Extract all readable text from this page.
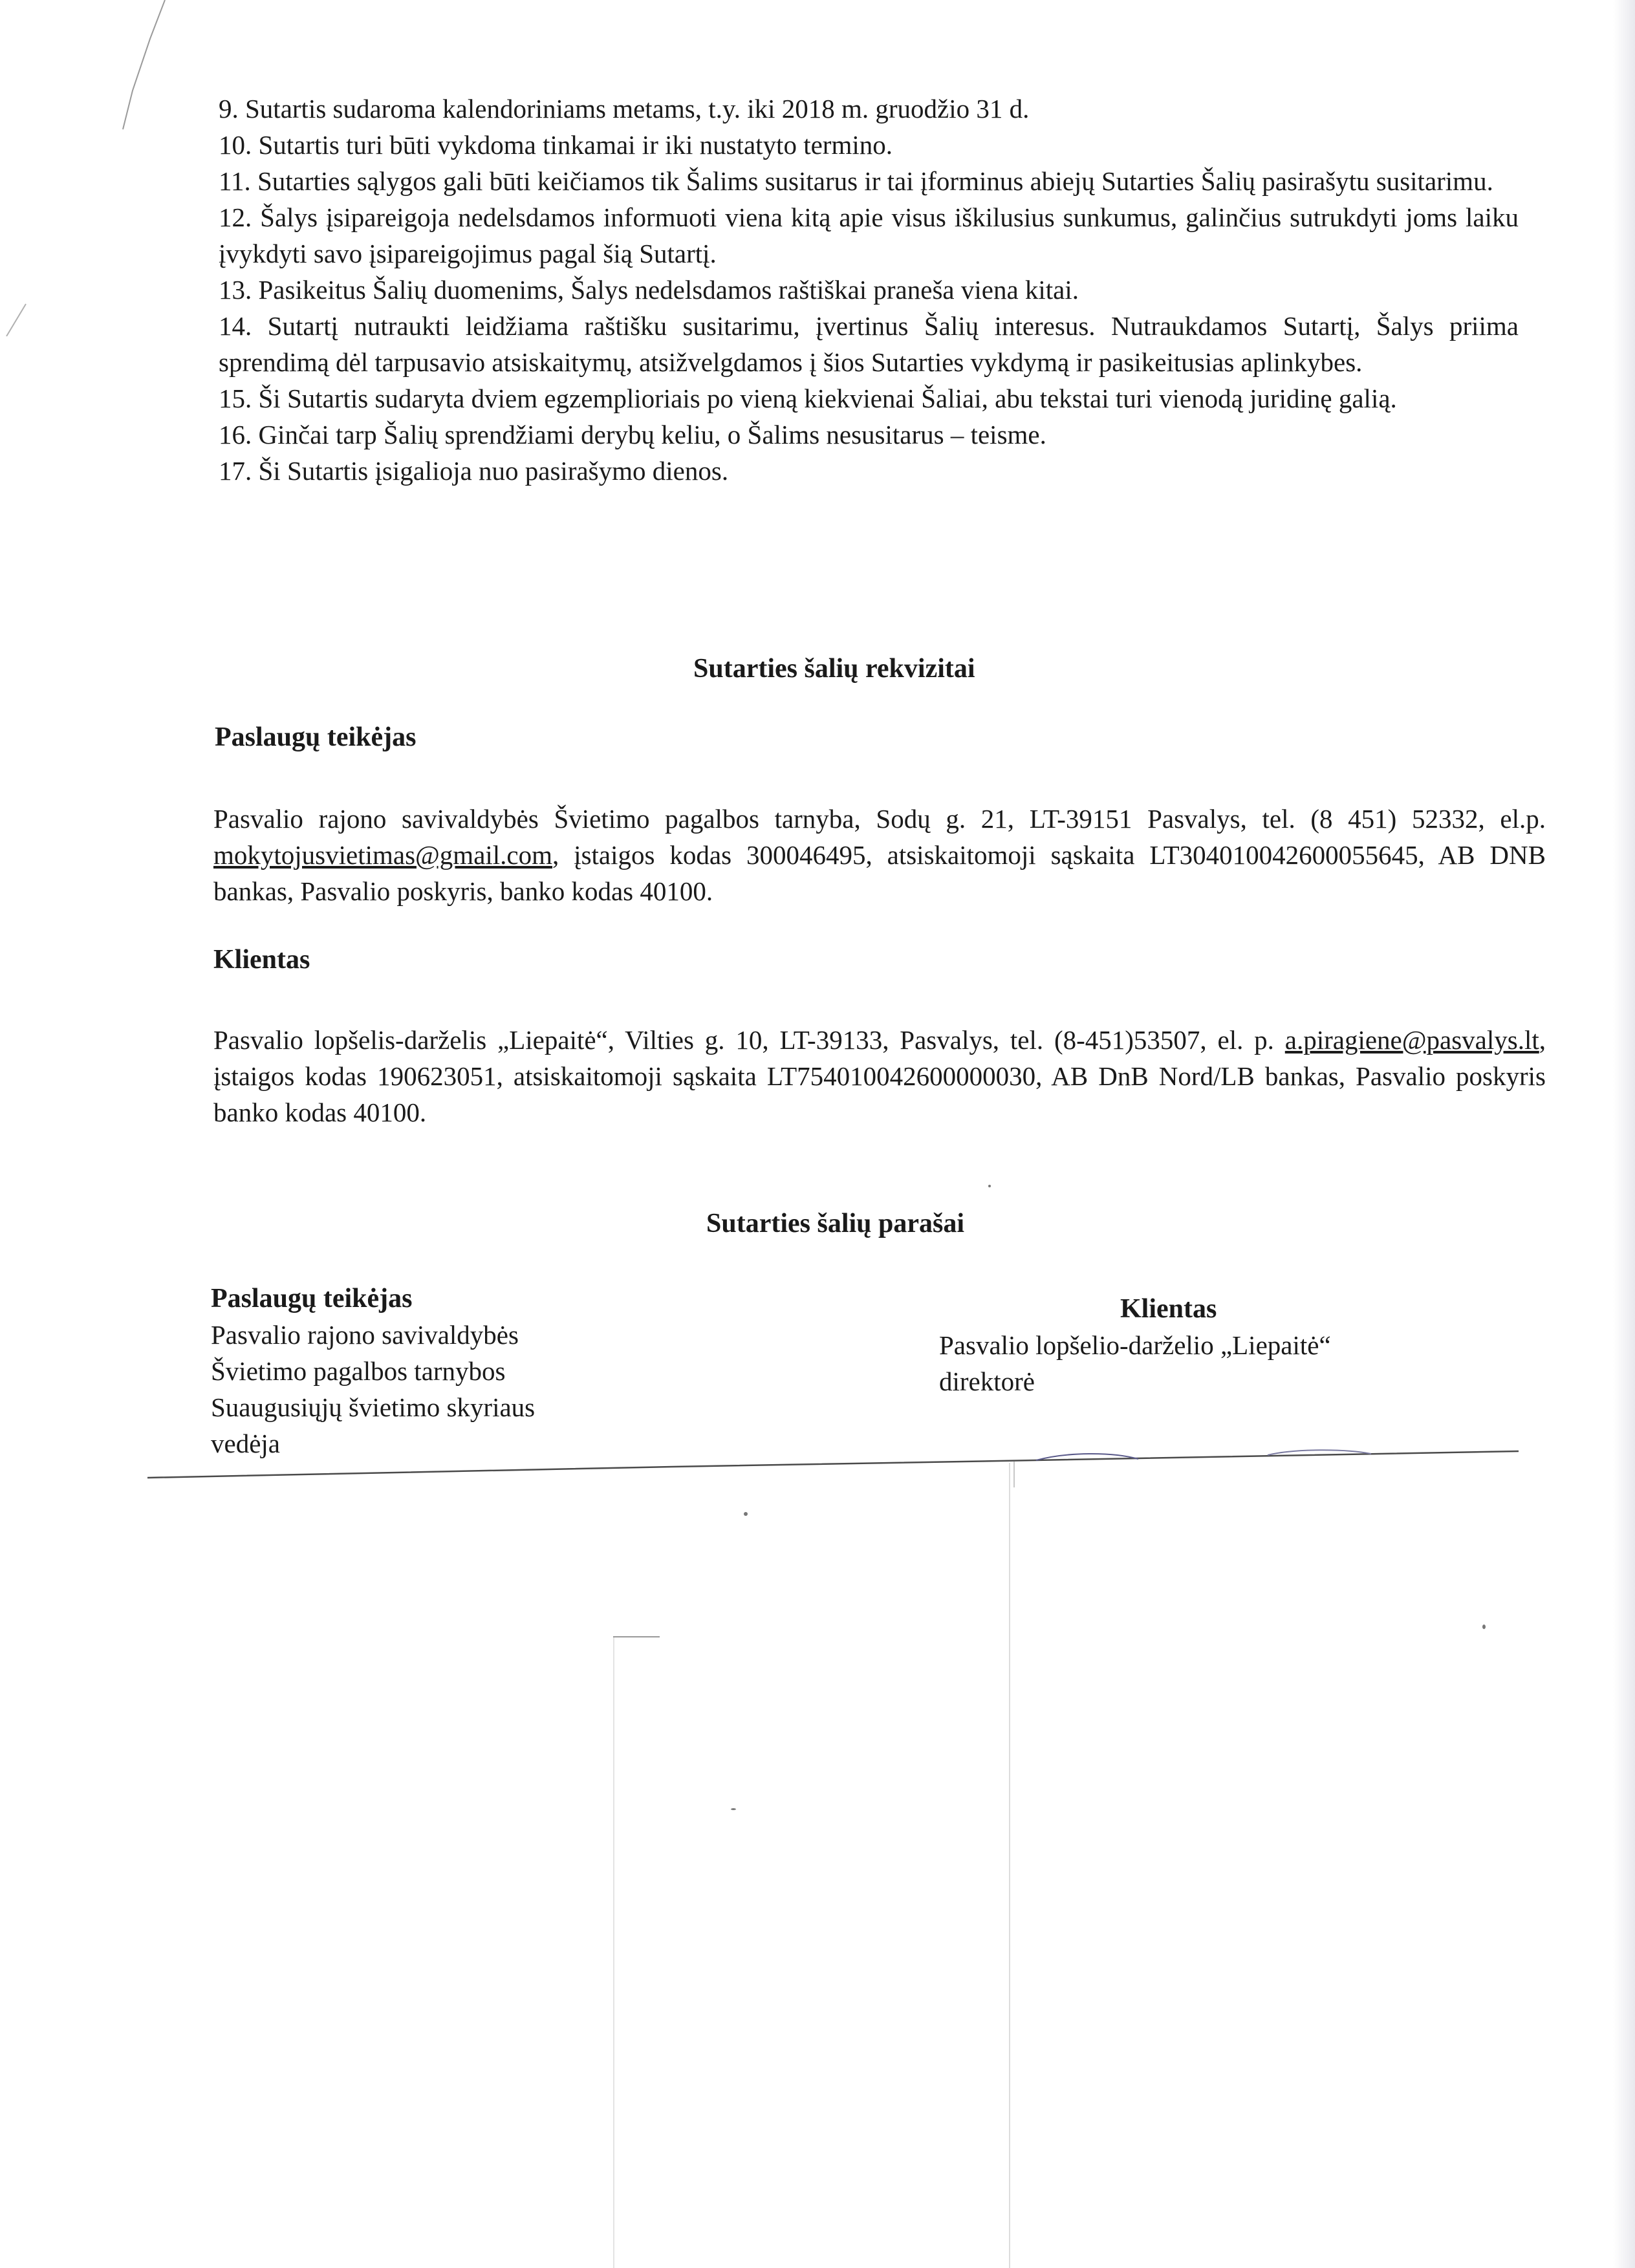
9. Sutartis sudaroma kalendoriniams metams, t.y. iki 2018 m. gruodžio 31 d.

10. Sutartis turi būti vykdoma tinkamai ir iki nustatyto termino.

11. Sutarties sąlygos gali būti keičiamos tik Šalims susitarus ir tai įforminus abiejų Sutarties Šalių pasirašytu susitarimu.

12. Šalys įsipareigoja nedelsdamos informuoti viena kitą apie visus iškilusius sunkumus, galinčius sutrukdyti joms laiku įvykdyti savo įsipareigojimus pagal šią Sutartį.

13. Pasikeitus Šalių duomenims, Šalys nedelsdamos raštiškai praneša viena kitai.

14. Sutartį nutraukti leidžiama raštišku susitarimu, įvertinus Šalių interesus. Nutraukdamos Sutartį, Šalys priima sprendimą dėl tarpusavio atsiskaitymų, atsižvelgdamos į šios Sutarties vykdymą ir pasikeitusias aplinkybes.

15. Ši Sutartis sudaryta dviem egzemplioriais po vieną kiekvienai Šaliai, abu tekstai turi vienodą juridinę galią.

16. Ginčai tarp Šalių sprendžiami derybų keliu, o Šalims nesusitarus – teisme.

17. Ši Sutartis įsigalioja nuo pasirašymo dienos.

Sutarties šalių rekvizitai
Paslaugų teikėjas
Pasvalio rajono savivaldybės Švietimo pagalbos tarnyba, Sodų g. 21, LT-39151 Pasvalys, tel. (8 451) 52332, el.p. mokytojusvietimas@gmail.com, įstaigos kodas 300046495, atsiskaitomoji sąskaita LT304010042600055645, AB DNB bankas, Pasvalio poskyris, banko kodas 40100.
Klientas
Pasvalio lopšelis-darželis „Liepaitė“, Vilties g. 10, LT-39133, Pasvalys, tel. (8-451)53507, el. p. a.piragiene@pasvalys.lt, įstaigos kodas 190623051, atsiskaitomoji sąskaita LT754010042600000030, AB DnB Nord/LB bankas, Pasvalio poskyris banko kodas 40100.
Sutarties šalių parašai
Paslaugų teikėjas
Pasvalio rajono savivaldybės
Švietimo pagalbos tarnybos
Suaugusiųjų švietimo skyriaus
vedėja
Klientas
Pasvalio lopšelio-darželio „Liepaitė“
direktorė
